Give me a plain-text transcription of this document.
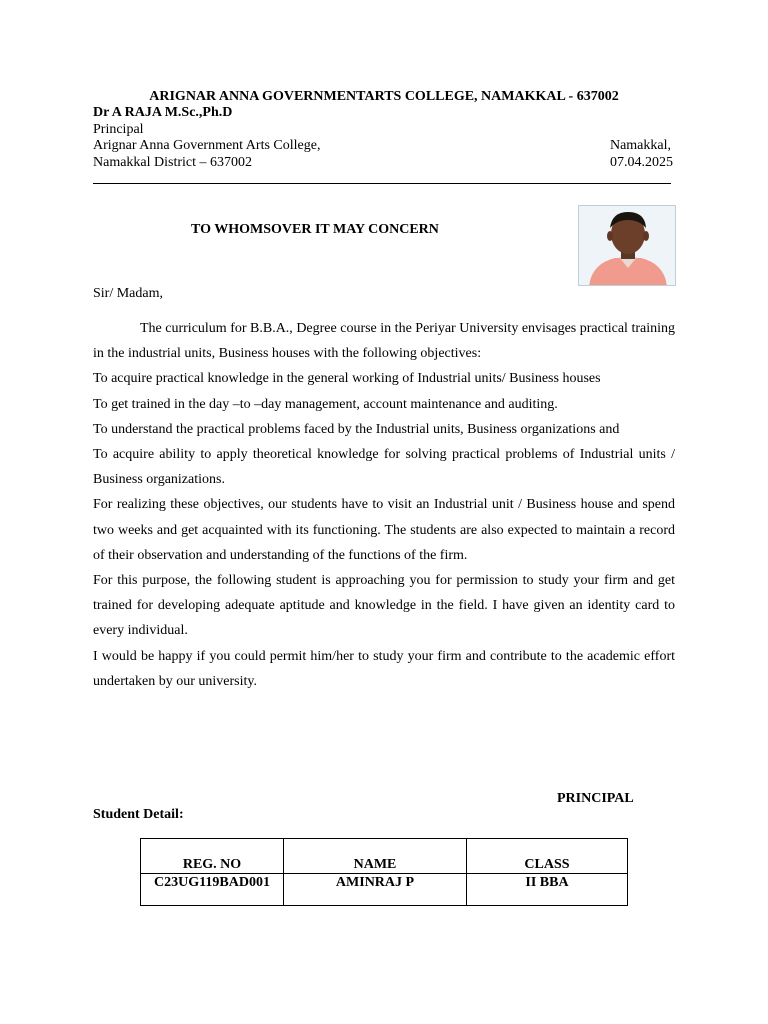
ARIGNAR ANNA GOVERNMENTARTS COLLEGE, NAMAKKAL - 637002
Dr A RAJA M.Sc.,Ph.D
Principal
Arignar Anna Government Arts College,	Namakkal,
Namakkal District – 637002	07.04.2025
TO WHOMSOVER IT MAY CONCERN
Sir/ Madam,

The curriculum for B.B.A., Degree course in the Periyar University envisages practical training in the industrial units, Business houses with the following objectives:

To acquire practical knowledge in the general working of Industrial units/ Business houses

To get trained in the day –to –day management, account maintenance and auditing.

To understand the practical problems faced by the Industrial units, Business organizations and

To acquire ability to apply theoretical knowledge for solving practical problems of Industrial units / Business organizations.

For realizing these objectives, our students have to visit an Industrial unit / Business house and spend two weeks and get acquainted with its functioning. The students are also expected to maintain a record of their observation and understanding of the functions of the firm.

For this purpose, the following student is approaching you for permission to study your firm and get trained for developing adequate aptitude and knowledge in the field. I have given an identity card to every individual.

I would be happy if you could permit him/her to study your firm and contribute to the academic effort undertaken by our university.

PRINCIPAL
Student Detail:
REG. NO	NAME	CLASS
C23UG119BAD001	AMINRAJ P	II BBA
